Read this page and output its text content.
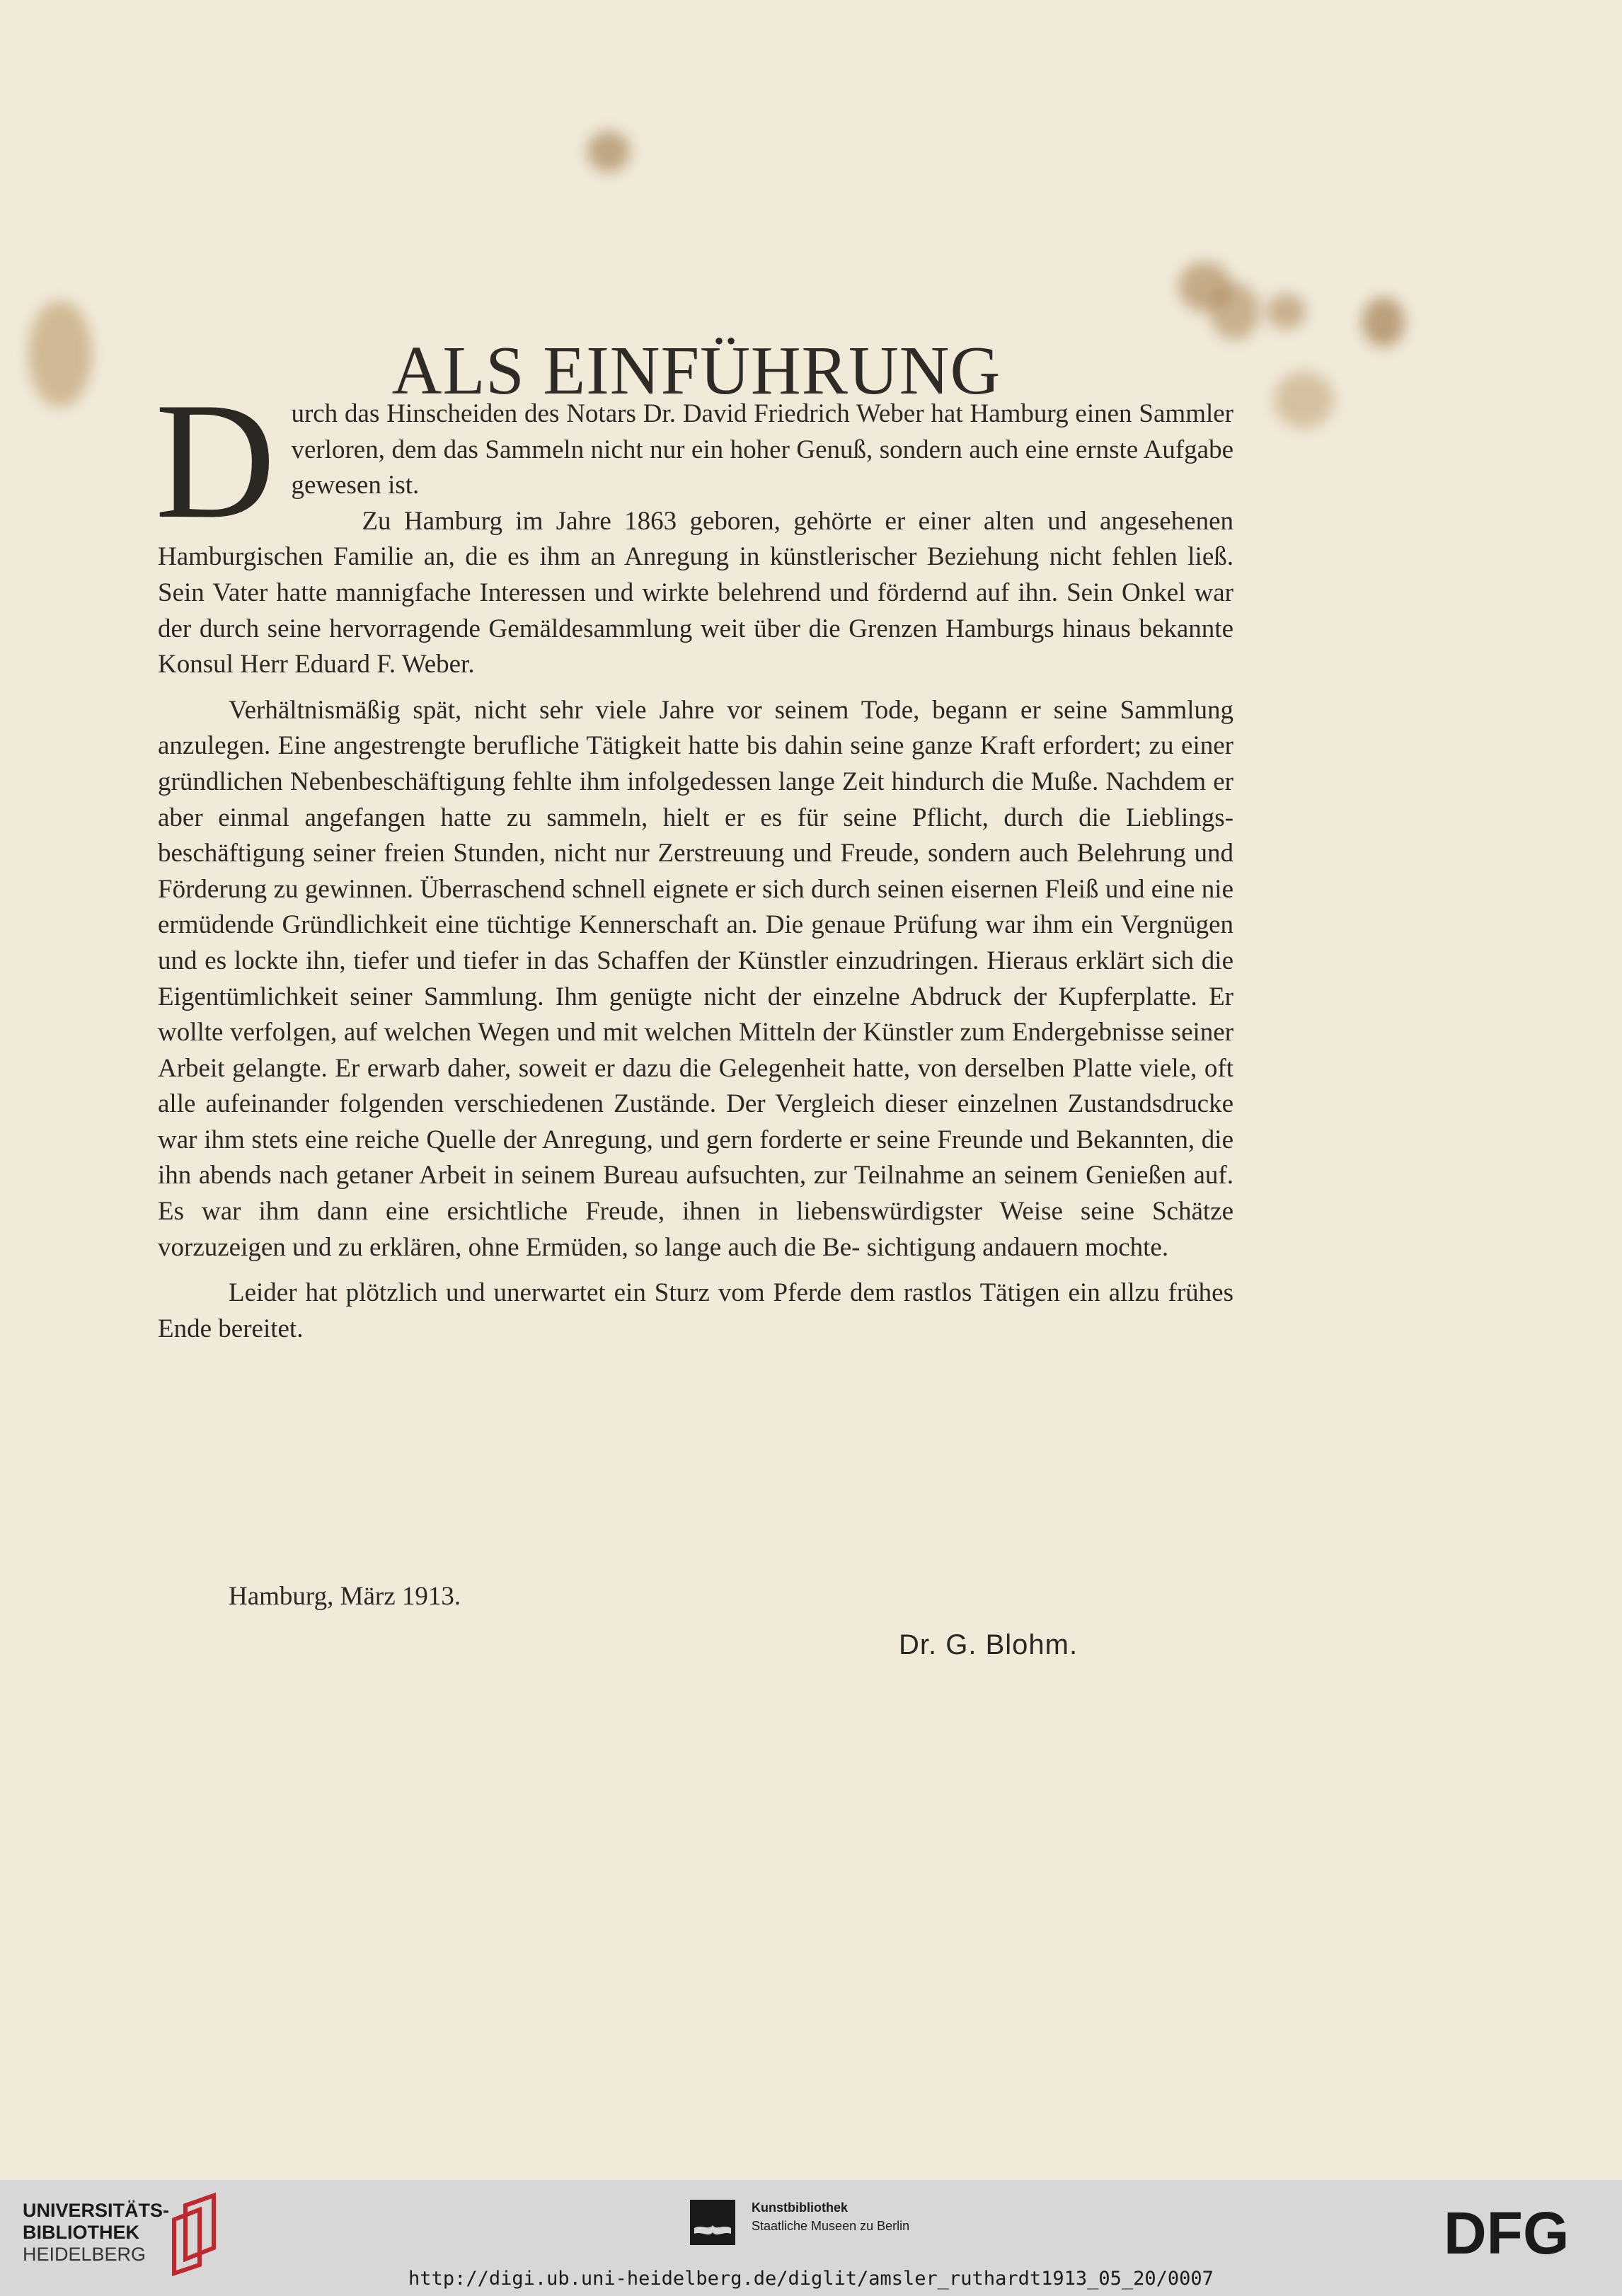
ALS EINFÜHRUNG

Durch das Hinscheiden des Notars Dr. David Friedrich Weber hat Hamburg einen Sammler verloren, dem das Sammeln nicht nur ein hoher Genuß, sondern auch eine ernste Aufgabe gewesen ist.

Zu Hamburg im Jahre 1863 geboren, gehörte er einer alten und angesehenen Hamburgischen Familie an, die es ihm an Anregung in künstlerischer Beziehung nicht fehlen ließ. Sein Vater hatte mannigfache Interessen und wirkte belehrend und fördernd auf ihn. Sein Onkel war der durch seine hervorragende Gemäldesammlung weit über die Grenzen Hamburgs hinaus bekannte Konsul Herr Eduard F. Weber.

Verhältnismäßig spät, nicht sehr viele Jahre vor seinem Tode, begann er seine Sammlung anzulegen. Eine angestrengte berufliche Tätigkeit hatte bis dahin seine ganze Kraft erfordert; zu einer gründlichen Nebenbeschäftigung fehlte ihm infolgedessen lange Zeit hindurch die Muße. Nachdem er aber einmal angefangen hatte zu sammeln, hielt er es für seine Pflicht, durch die Lieblings- beschäftigung seiner freien Stunden, nicht nur Zerstreuung und Freude, sondern auch Belehrung und Förderung zu gewinnen. Überraschend schnell eignete er sich durch seinen eisernen Fleiß und eine nie ermüdende Gründlichkeit eine tüchtige Kennerschaft an. Die genaue Prüfung war ihm ein Vergnügen und es lockte ihn, tiefer und tiefer in das Schaffen der Künstler einzudringen. Hieraus erklärt sich die Eigentümlichkeit seiner Sammlung. Ihm genügte nicht der einzelne Abdruck der Kupferplatte. Er wollte verfolgen, auf welchen Wegen und mit welchen Mitteln der Künstler zum Endergebnisse seiner Arbeit gelangte. Er erwarb daher, soweit er dazu die Gelegenheit hatte, von derselben Platte viele, oft alle aufeinander folgenden verschiedenen Zustände. Der Vergleich dieser einzelnen Zustandsdrucke war ihm stets eine reiche Quelle der Anregung, und gern forderte er seine Freunde und Bekannten, die ihn abends nach getaner Arbeit in seinem Bureau aufsuchten, zur Teilnahme an seinem Genießen auf. Es war ihm dann eine ersichtliche Freude, ihnen in liebenswürdigster Weise seine Schätze vorzuzeigen und zu erklären, ohne Ermüden, so lange auch die Be- sichtigung andauern mochte.

Leider hat plötzlich und unerwartet ein Sturz vom Pferde dem rastlos Tätigen ein allzu frühes Ende bereitet.

Hamburg, März 1913.
Dr. G. Blohm.
UNIVERSITÄTS-
BIBLIOTHEK
HEIDELBERG
Kunstbibliothek
Staatliche Museen zu Berlin	DFG
http://digi.ub.uni-heidelberg.de/diglit/amsler_ruthardt1913_05_20/0007
